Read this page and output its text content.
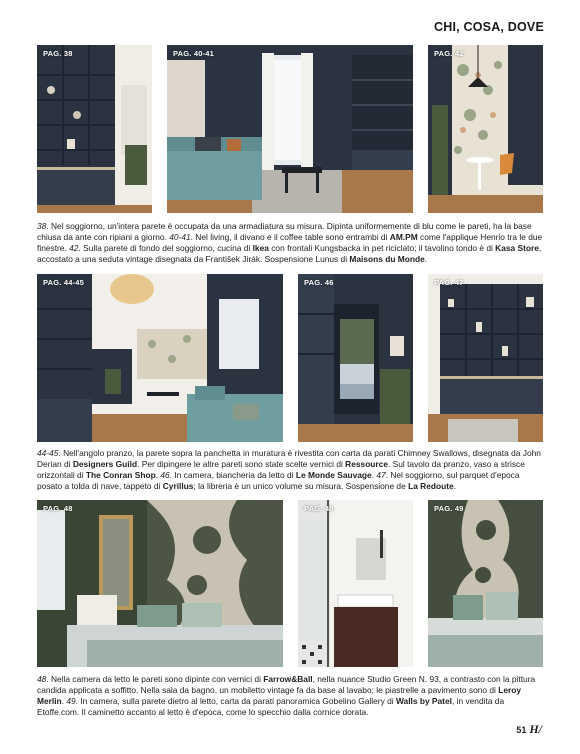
CHI, COSA, DOVE
PAG. 38	PAG. 40-41	PAG. 42
38. Nel soggiorno, un'intera parete è occupata da una armadiatura su misura. Dipinta uniformemente di blu come le pareti, ha la base chiusa da ante con ripiani a giorno. 40-41. Nel living, il divano e il coffee table sono entrambi di AM.PM come l'applique Henrio tra le due finestre. 42. Sulla parete di fondo del soggiorno, cucina di Ikea con frontali Kungsbacka in pet riciclato; il tavolino tondo è di Kasa Store, accostato a una seduta vintage disegnata da František Jirák. Sospensione Lunus di Maisons du Monde.
PAG. 44-45	PAG. 46	PAG. 47
44-45. Nell'angolo pranzo, la parete sopra la panchetta in muratura è rivestita con carta da parati Chimney Swallows, disegnata da John Derian di Designers Guild. Per dipingere le altre pareti sono state scelte vernici di Ressource. Sul tavolo da pranzo, vaso a strisce orizzontali di The Conran Shop. 46. In camera, biancheria da letto di Le Monde Sauvage. 47. Nel soggiorno, sul parquet d'epoca posato a tolda di nave, tappeto di Cyrillus; la libreria è un unico volume su misura. Sospensione de La Redoute.
PAG. 48	PAG. 48	PAG. 49
48. Nella camera da letto le pareti sono dipinte con vernici di Farrow&Ball, nella nuance Studio Green N. 93, a contrasto con la pittura candida applicata a soffitto. Nella sala da bagno, un mobiletto vintage fa da base al lavabo; le piastrelle a pavimento sono di Leroy Merlin. 49. In camera, sulla parete dietro al letto, carta da parati panoramica Gobelino Gallery di Walls by Patel, in vendita da Etoffe.com. Il caminetto accanto al letto è d'epoca, come lo specchio dalla cornice dorata.
51 H/
